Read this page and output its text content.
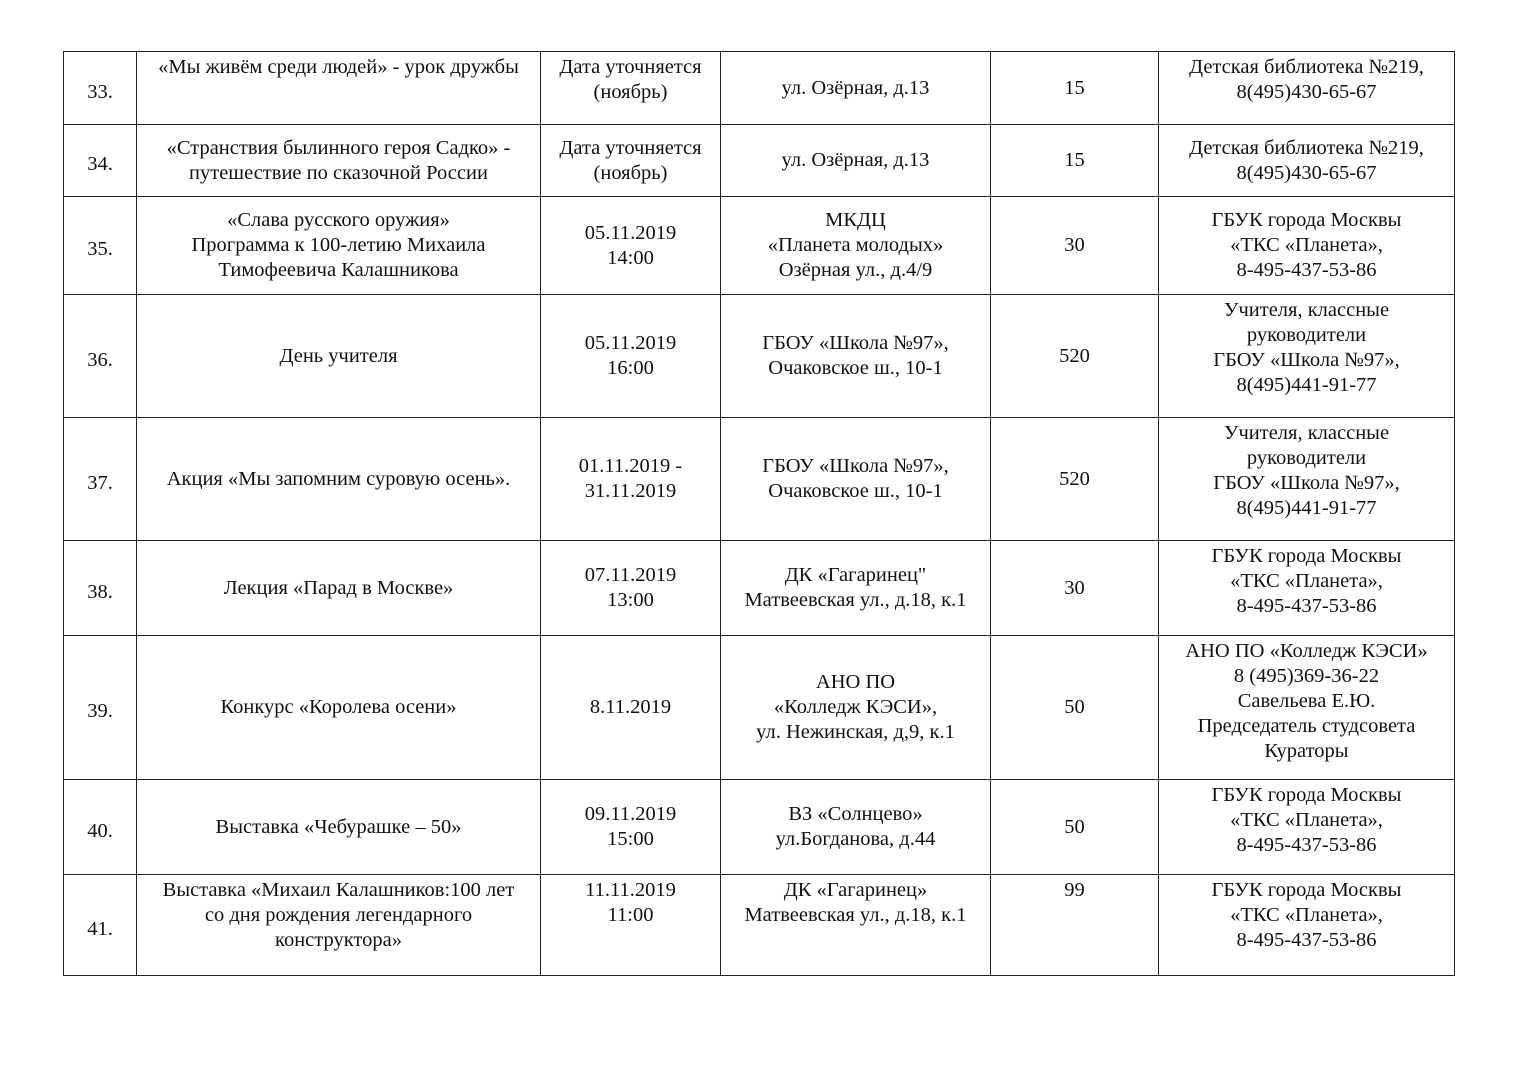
33.	«Мы живём среди людей» - урок дружбы	Дата уточняется
(ноябрь)	ул. Озёрная, д.13	15	Детская библиотека №219,
8(495)430-65-67

34.	«Странствия былинного героя Садко» -
путешествие по сказочной России	Дата уточняется
(ноябрь)	ул. Озёрная, д.13	15	Детская библиотека №219,
8(495)430-65-67

35.	«Слава русского оружия»
Программа к 100-летию Михаила
Тимофеевича Калашникова	05.11.2019
14:00	МКДЦ
«Планета молодых»
Озёрная ул., д.4/9	30	ГБУК города Москвы
«ТКС «Планета»,
8-495-437-53-86

36.	День учителя	05.11.2019
16:00	ГБОУ «Школа №97»,
Очаковское ш., 10-1	520	Учителя, классные
руководители
ГБОУ «Школа №97»,
8(495)441-91-77

37.	Акция «Мы запомним суровую осень».	01.11.2019 -
31.11.2019	ГБОУ «Школа №97»,
Очаковское ш., 10-1	520	Учителя, классные
руководители
ГБОУ «Школа №97»,
8(495)441-91-77

38.	Лекция «Парад в Москве»	07.11.2019
13:00	ДК «Гагаринец"
Матвеевская ул., д.18, к.1	30	ГБУК города Москвы
«ТКС «Планета»,
8-495-437-53-86

39.	Конкурс «Королева осени»	8.11.2019	АНО ПО
«Колледж КЭСИ»,
ул. Нежинская, д,9, к.1	50	АНО ПО «Колледж КЭСИ»
8 (495)369-36-22
Савельева Е.Ю.
Председатель студсовета
Кураторы

40.	Выставка «Чебурашке – 50»	09.11.2019
15:00	ВЗ «Солнцево»
ул.Богданова, д.44	50	ГБУК города Москвы
«ТКС «Планета»,
8-495-437-53-86

41.	Выставка «Михаил Калашников:100 лет
со дня рождения легендарного
конструктора»	11.11.2019
11:00	ДК «Гагаринец»
Матвеевская ул., д.18, к.1	99	ГБУК города Москвы
«ТКС «Планета»,
8-495-437-53-86
